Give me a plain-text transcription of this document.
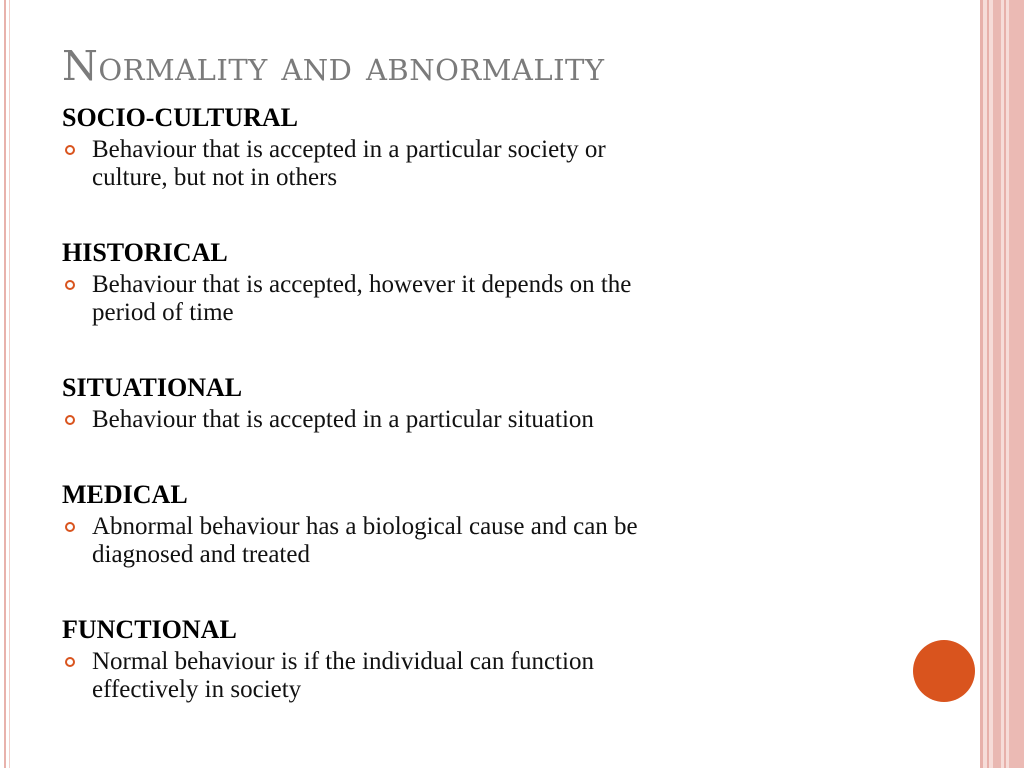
Normality and abnormality

SOCIO-CULTURAL

Behaviour that is accepted in a particular society or
culture, but not in others

HISTORICAL

Behaviour that is accepted, however it depends on the
period of time

SITUATIONAL

Behaviour that is accepted in a particular situation

MEDICAL

Abnormal behaviour has a biological cause and can be
diagnosed and treated

FUNCTIONAL

Normal behaviour is if the individual can function
effectively in society
